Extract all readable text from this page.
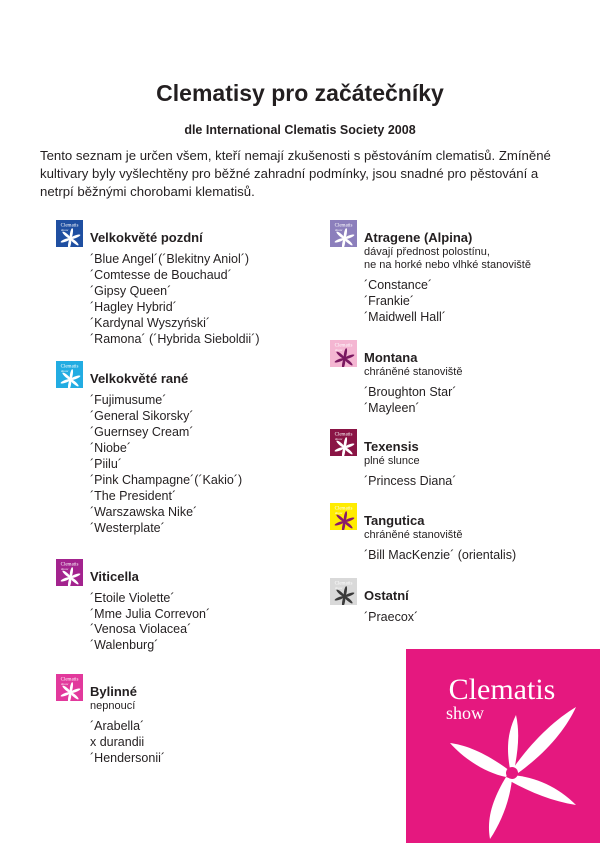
Clematisy pro začátečníky
dle International Clematis Society 2008
Tento seznam je určen všem, kteří nemají zkušenosti s pěstováním clematisů. Zmíněné kultivary byly vyšlechtěny pro běžné zahradní podmínky, jsou snadné pro pěstování a netrpí běžnými chorobami klematisů.
Clematis
show Velkokvěté pozdní
´Blue Angel´(´Blekitny Aniol´)
´Comtesse de Bouchaud´
´Gipsy Queen´
´Hagley Hybrid´
´Kardynal Wyszyński´
´Ramona´ (´Hybrida Sieboldii´)
Clematis
show Velkokvěté rané
´Fujimusume´
´General Sikorsky´
´Guernsey Cream´
´Niobe´
´Piilu´
´Pink Champagne´(´Kakio´)
´The President´
´Warszawska Nike´
´Westerplate´
Clematis
show Viticella
´Etoile Violette´
´Mme Julia Correvon´
´Venosa Violacea´
´Walenburg´
Clematis
show Bylinné
nepnoucí
´Arabella´
x durandii
´Hendersonii´
Clematis
show Atragene (Alpina)
dávají přednost polostínu,
ne na horké nebo vlhké stanoviště
´Constance´
´Frankie´
´Maidwell Hall´
Clematis
show Montana
chráněné stanoviště
´Broughton Star´
´Mayleen´
Clematis
show Texensis
plné slunce
´Princess Diana´
Clematis
show Tangutica
chráněné stanoviště
´Bill MacKenzie´ (orientalis)
Clematis
show Ostatní
´Praecox´
Clematis
show
